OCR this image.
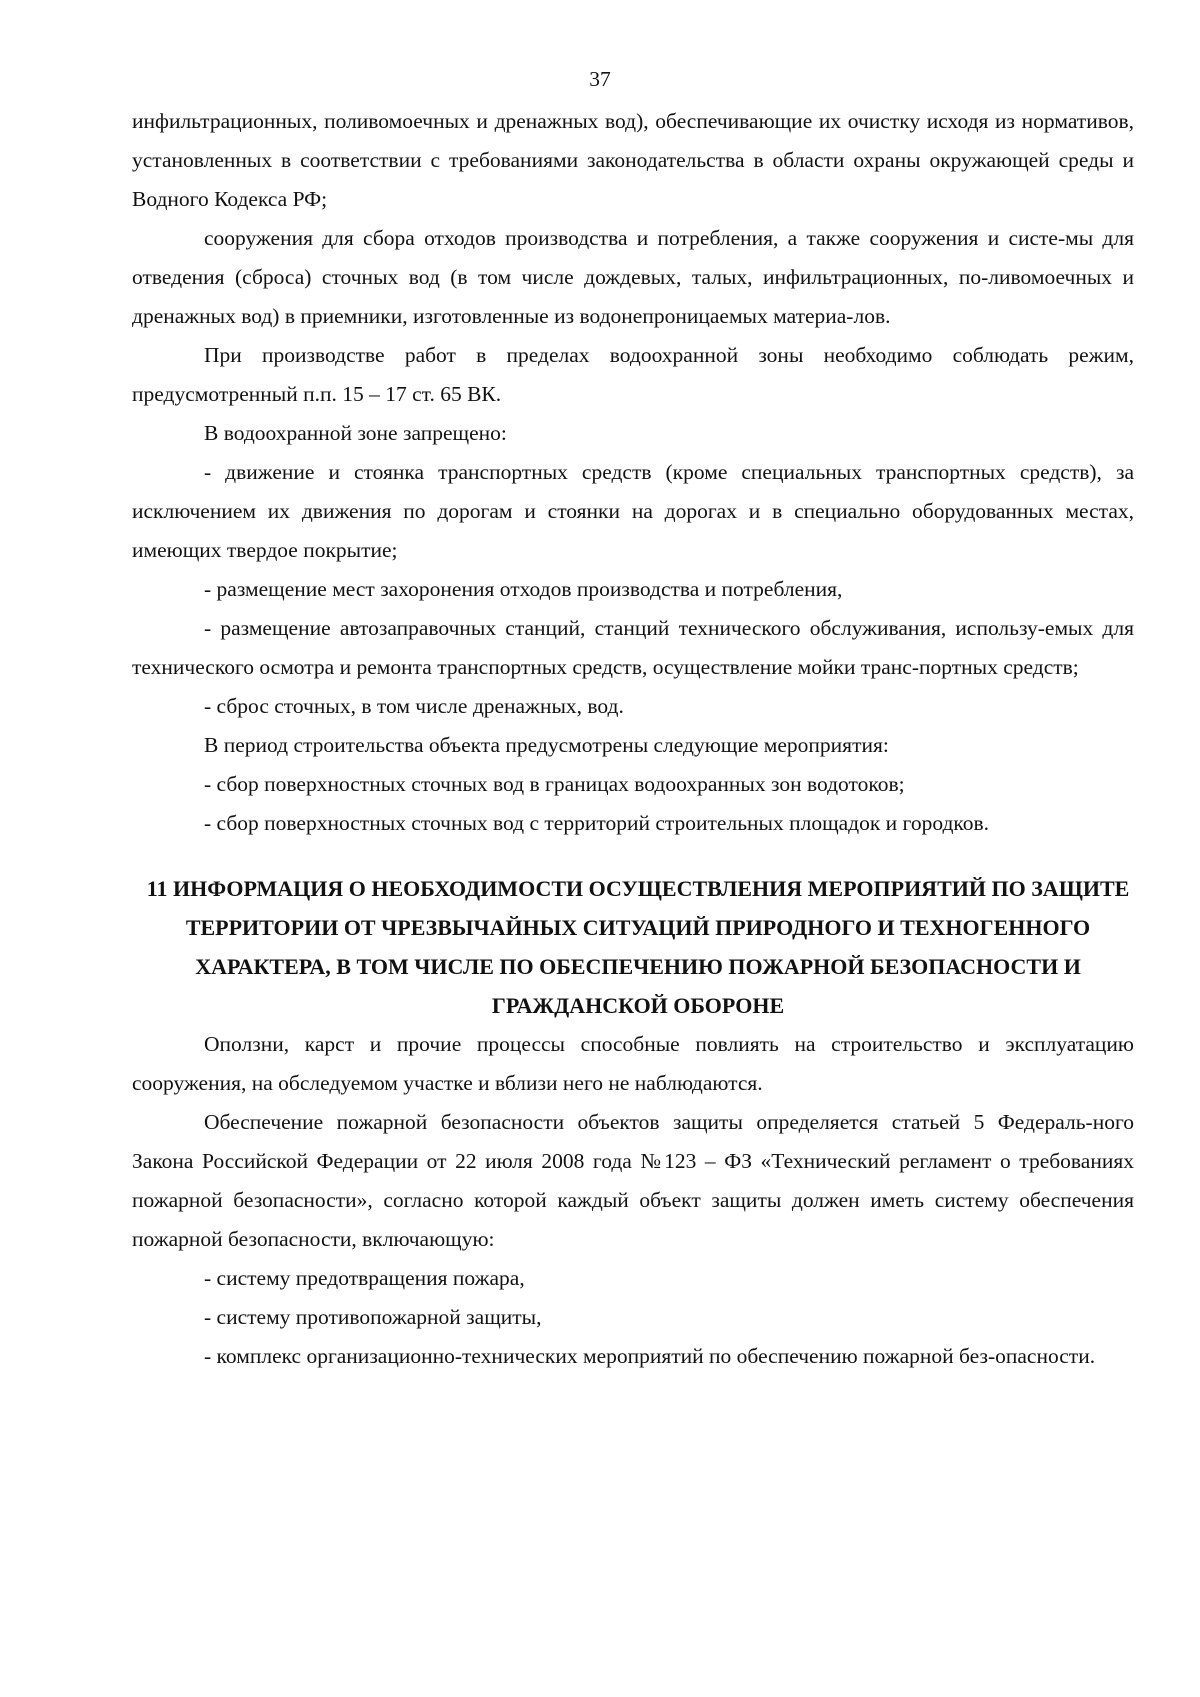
37

инфильтрационных, поливомоечных и дренажных вод), обеспечивающие их очистку исходя из нормативов, установленных в соответствии с требованиями законодательства в области охраны окружающей среды и Водного Кодекса РФ;

сооружения для сбора отходов производства и потребления, а также сооружения и систе-мы для отведения (сброса) сточных вод (в том числе дождевых, талых, инфильтрационных, по-ливомоечных и дренажных вод) в приемники, изготовленные из водонепроницаемых материа-лов.

При производстве работ в пределах водоохранной зоны необходимо соблюдать режим, предусмотренный п.п. 15 – 17 ст. 65 ВК.

В водоохранной зоне запрещено:

- движение и стоянка транспортных средств (кроме специальных транспортных средств), за исключением их движения по дорогам и стоянки на дорогах и в специально оборудованных местах, имеющих твердое покрытие;

- размещение мест захоронения отходов производства и потребления,

- размещение автозаправочных станций, станций технического обслуживания, использу-емых для технического осмотра и ремонта транспортных средств, осуществление мойки транс-портных средств;

- сброс сточных, в том числе дренажных, вод.

В период строительства объекта предусмотрены следующие мероприятия:

- сбор поверхностных сточных вод в границах водоохранных зон водотоков;

- сбор поверхностных сточных вод с территорий строительных площадок и городков.

11 ИНФОРМАЦИЯ О НЕОБХОДИМОСТИ ОСУЩЕСТВЛЕНИЯ МЕРОПРИЯТИЙ ПО ЗАЩИТЕ ТЕРРИТОРИИ ОТ ЧРЕЗВЫЧАЙНЫХ СИТУАЦИЙ ПРИРОДНОГО И ТЕХНОГЕННОГО ХАРАКТЕРА, В ТОМ ЧИСЛЕ ПО ОБЕСПЕЧЕНИЮ ПОЖАРНОЙ БЕЗОПАСНОСТИ И ГРАЖДАНСКОЙ ОБОРОНЕ

Оползни, карст и прочие процессы способные повлиять на строительство и эксплуатацию сооружения, на обследуемом участке и вблизи него не наблюдаются.

Обеспечение пожарной безопасности объектов защиты определяется статьей 5 Федераль-ного Закона Российской Федерации от 22 июля 2008 года №123 – ФЗ «Технический регламент о требованиях пожарной безопасности», согласно которой каждый объект защиты должен иметь систему обеспечения пожарной безопасности, включающую:

- систему предотвращения пожара,

- систему противопожарной защиты,

- комплекс организационно-технических мероприятий по обеспечению пожарной без-опасности.
